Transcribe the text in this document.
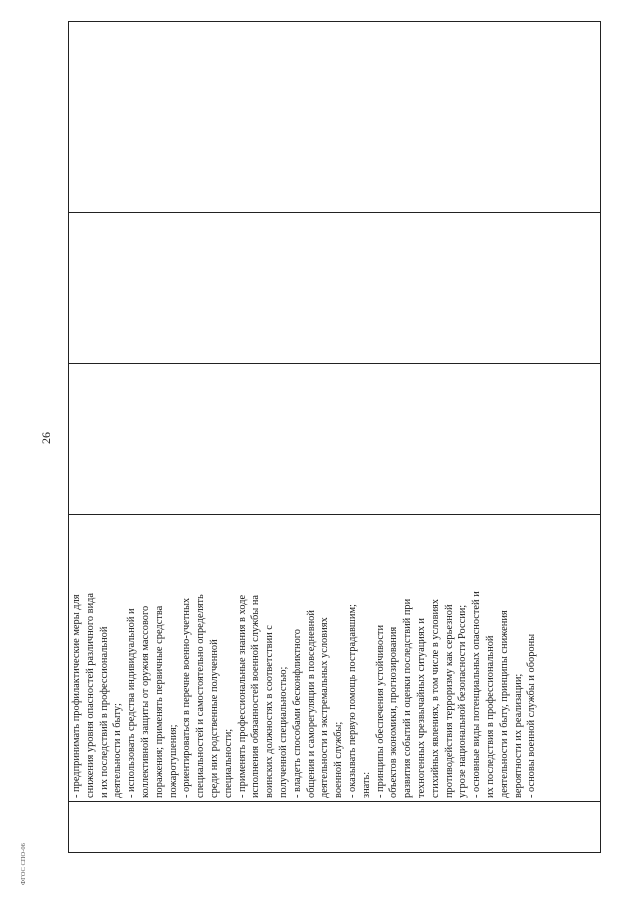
26

- предпринимать профилактические меры для снижения уровня опасностей различного вида и их последствий в профессиональной деятельности и быту; - использовать средства индивидуальной и коллективной защиты от оружия массового поражения; применять первичные средства пожаротушения; - ориентироваться в перечне военно-учетных специальностей и самостоятельно определять среди них родственные полученной специальности; - применять профессиональные знания в ходе исполнения обязанностей военной службы на воинских должностях в соответствии с полученной специальностью; - владеть способами бесконфликтного общения и саморегуляции в повседневной деятельности и экстремальных условиях военной службы; - оказывать первую помощь пострадавшим; знать: - принципы обеспечения устойчивости объектов экономики, прогнозирования развития событий и оценки последствий при техногенных чрезвычайных ситуациях и стихийных явлениях, в том числе в условиях противодействия терроризму как серьезной угрозе национальной безопасности России; - основные виды потенциальных опасностей и их последствия в профессиональной деятельности и быту, принципы снижения вероятности их реализации; - основы военной службы и обороны

ФГОС СПО-06
